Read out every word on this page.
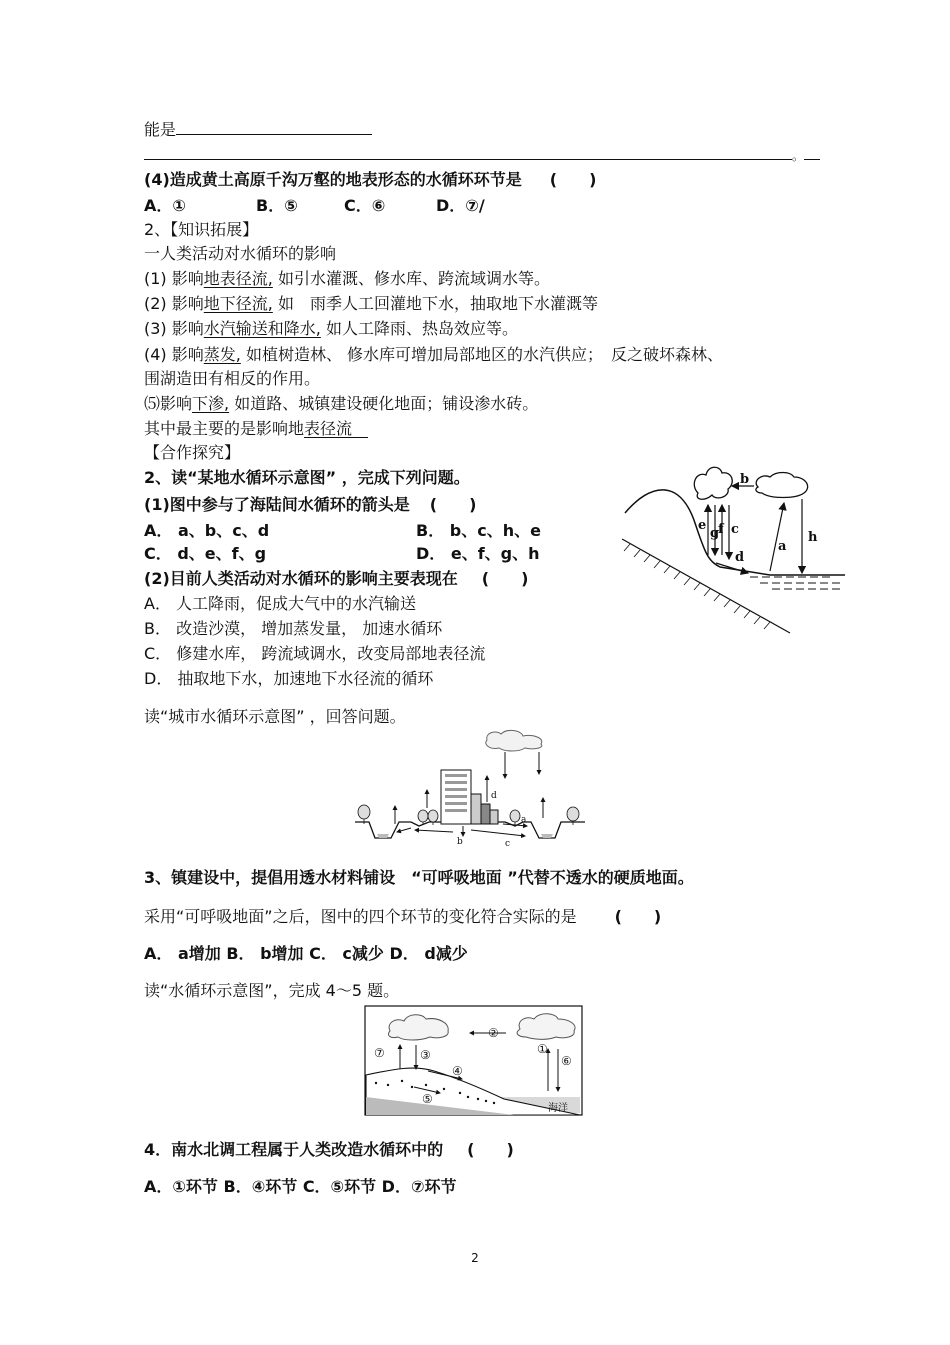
能是
。
(4)造成黄土高原千沟万壑的地表形态的水循环环节是 (　　)
A．①	B．⑤	C．⑥	D．⑦/
2、【知识拓展】
一人类活动对水循环的影响
(1) 影响地表径流, 如引水灌溉、修水库、跨流域调水等。
(2) 影响地下径流, 如　雨季人工回灌地下水，抽取地下水灌溉等
(3) 影响水汽输送和降水, 如人工降雨、热岛效应等。
(4) 影响蒸发, 如植树造林、 修水库可增加局部地区的水汽供应；　反之破坏森林、
围湖造田有相反的作用。
⑸影响下渗, 如道路、城镇建设硬化地面；铺设渗水砖。
其中最主要的是影响地表径流　
【合作探究】
2、读“某地水循环示意图” ，完成下列问题。
(1)图中参与了海陆间水循环的箭头是 (　　)
A． a、b、c、d	B． b、c、h、e
C． d、e、f、g	D． e、f、g、h
(2)目前人类活动对水循环的影响主要表现在 (　　)
A． 人工降雨，促成大气中的水汽输送
B． 改造沙漠， 增加蒸发量， 加速水循环
C． 修建水库， 跨流域调水，改变局部地表径流
D． 抽取地下水，加速地下水径流的循环
b
e
g
f c
d
a
h
读“城市水循环示意图” ，回答问题。
d
a
b	c
3、镇建设中，提倡用透水材料铺设　“可呼吸地面 ”代替不透水的硬质地面。
采用“可呼吸地面”之后，图中的四个环节的变化符合实际的是 (　　)
A． a增加 B． b增加 C． c减少 D． d减少
读“水循环示意图”，完成 4～5 题。
①
②
③
④
⑤
⑥
⑦
海洋
4．南水北调工程属于人类改造水循环中的 (　　)
A．①环节 B．④环节 C．⑤环节 D．⑦环节
2
